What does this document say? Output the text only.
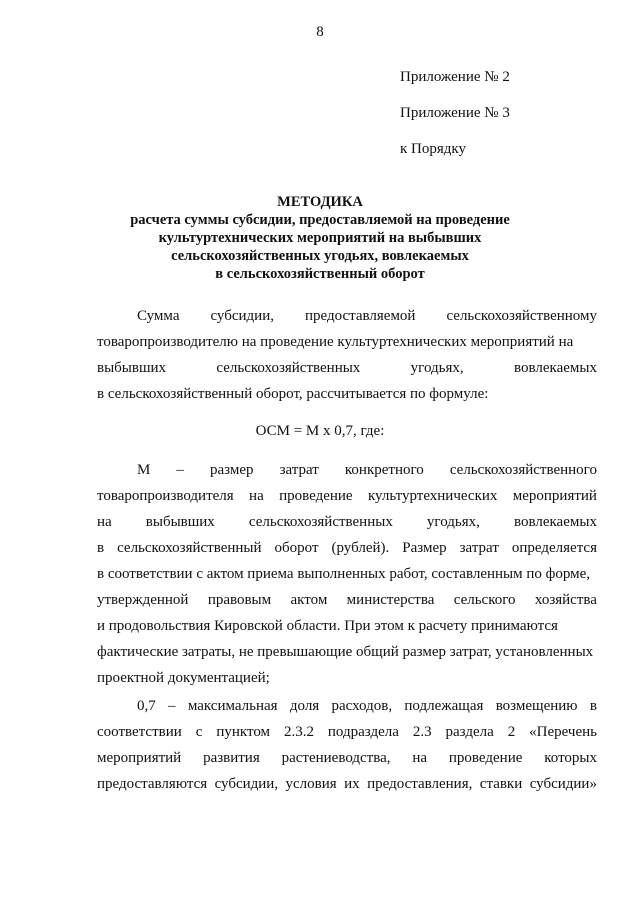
8
Приложение № 2
Приложение № 3
к Порядку
МЕТОДИКА
расчета суммы субсидии, предоставляемой на проведение
культуртехнических мероприятий на выбывших
сельскохозяйственных угодьях, вовлекаемых
в сельскохозяйственный оборот
Сумма субсидии, предоставляемой сельскохозяйственному
товаропроизводителю на проведение культуртехнических мероприятий на
выбывших	сельскохозяйственных	угодьях,	вовлекаемых
в сельскохозяйственный оборот, рассчитывается по формуле:
ОСМ = М х 0,7, где:
М – размер затрат конкретного сельскохозяйственного
товаропроизводителя на проведение культуртехнических мероприятий
на выбывших сельскохозяйственных угодьях, вовлекаемых
в сельскохозяйственный оборот (рублей). Размер затрат определяется
в соответствии с актом приема выполненных работ, составленным по форме,
утвержденной правовым актом министерства сельского хозяйства
и продовольствия Кировской области. При этом к расчету принимаются
фактические затраты, не превышающие общий размер затрат, установленных
проектной документацией;
0,7 – максимальная доля расходов, подлежащая возмещению в
соответствии с пунктом 2.3.2 подраздела 2.3 раздела 2 «Перечень
мероприятий развития растениеводства, на проведение которых
предоставляются субсидии, условия их предоставления, ставки субсидии»
